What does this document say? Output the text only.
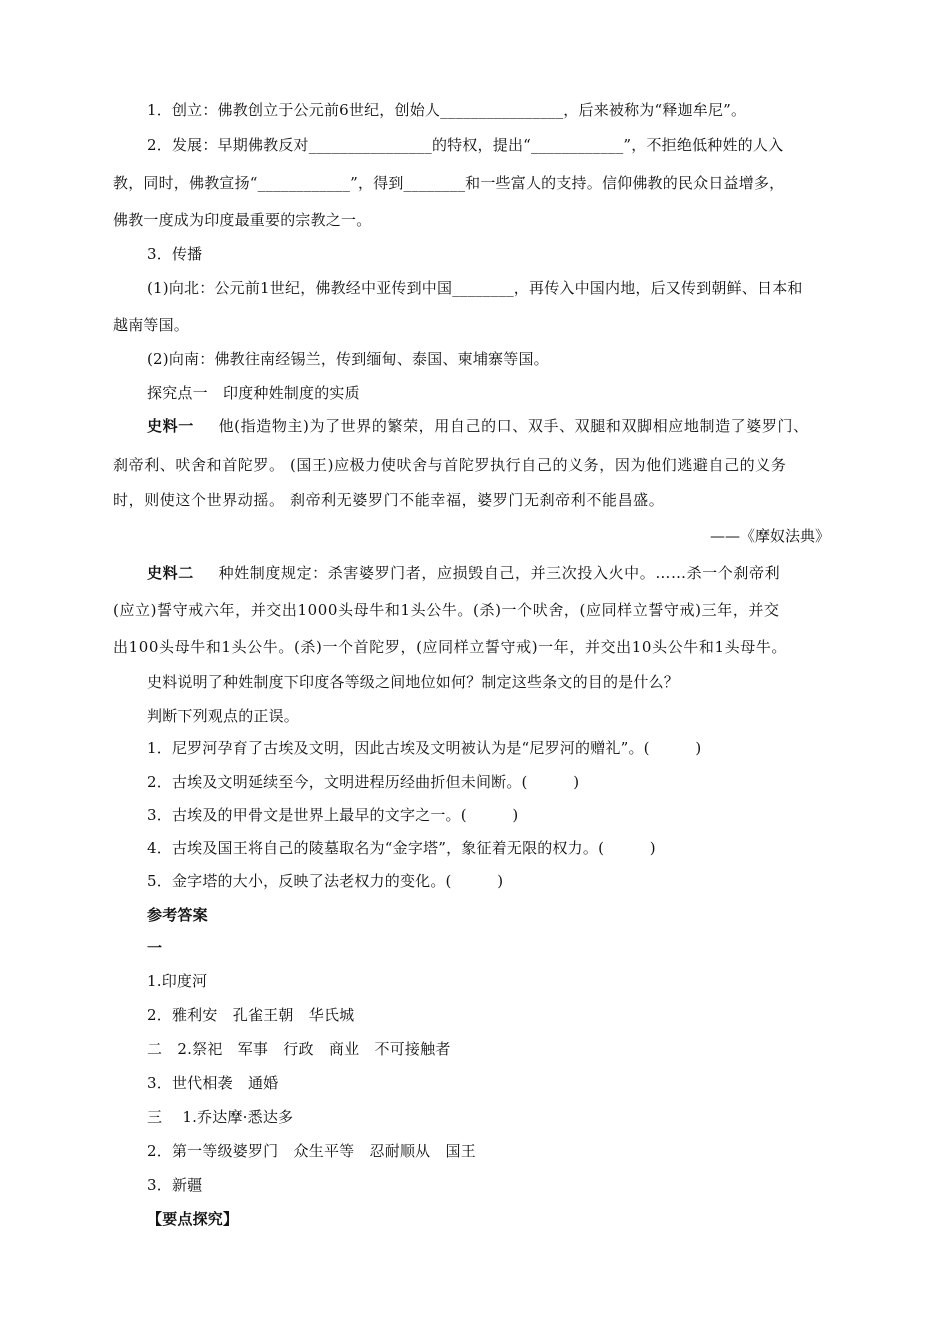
1．创立：佛教创立于公元前6世纪，创始人________________，后来被称为“释迦牟尼”。
2．发展：早期佛教反对________________的特权，提出“____________”，不拒绝低种姓的人入
教，同时，佛教宣扬“____________”，得到________和一些富人的支持。信仰佛教的民众日益增多，
佛教一度成为印度最重要的宗教之一。
3．传播
(1)向北：公元前1世纪，佛教经中亚传到中国________，再传入中国内地，后又传到朝鲜、日本和
越南等国。
(2)向南：佛教往南经锡兰，传到缅甸、泰国、柬埔寨等国。
探究点一　印度种姓制度的实质
史料一 他(指造物主)为了世界的繁荣，用自己的口、双手、双腿和双脚相应地制造了婆罗门、
刹帝利、吠舍和首陀罗。 (国王)应极力使吠舍与首陀罗执行自己的义务，因为他们逃避自己的义务
时，则使这个世界动摇。 刹帝利无婆罗门不能幸福，婆罗门无刹帝利不能昌盛。
——《摩奴法典》
史料二 种姓制度规定：杀害婆罗门者，应损毁自己，并三次投入火中。……杀一个刹帝利
(应立)誓守戒六年，并交出1000头母牛和1头公牛。(杀)一个吠舍，(应同样立誓守戒)三年，并交
出100头母牛和1头公牛。(杀)一个首陀罗，(应同样立誓守戒)一年，并交出10头公牛和1头母牛。
史料说明了种姓制度下印度各等级之间地位如何？制定这些条文的目的是什么？
判断下列观点的正误。
1．尼罗河孕育了古埃及文明，因此古埃及文明被认为是“尼罗河的赠礼”。(　　　)
2．古埃及文明延续至今，文明进程历经曲折但未间断。(　　　)
3．古埃及的甲骨文是世界上最早的文字之一。(　　　)
4．古埃及国王将自己的陵墓取名为“金字塔”，象征着无限的权力。(　　　)
5．金字塔的大小，反映了法老权力的变化。(　　　)
参考答案
一
1.印度河
2．雅利安　孔雀王朝　华氏城
二　2.祭祀　军事　行政　商业　不可接触者
3．世代相袭　通婚
三　 1.乔达摩·悉达多
2．第一等级婆罗门　众生平等　忍耐顺从　国王
3．新疆
【要点探究】
